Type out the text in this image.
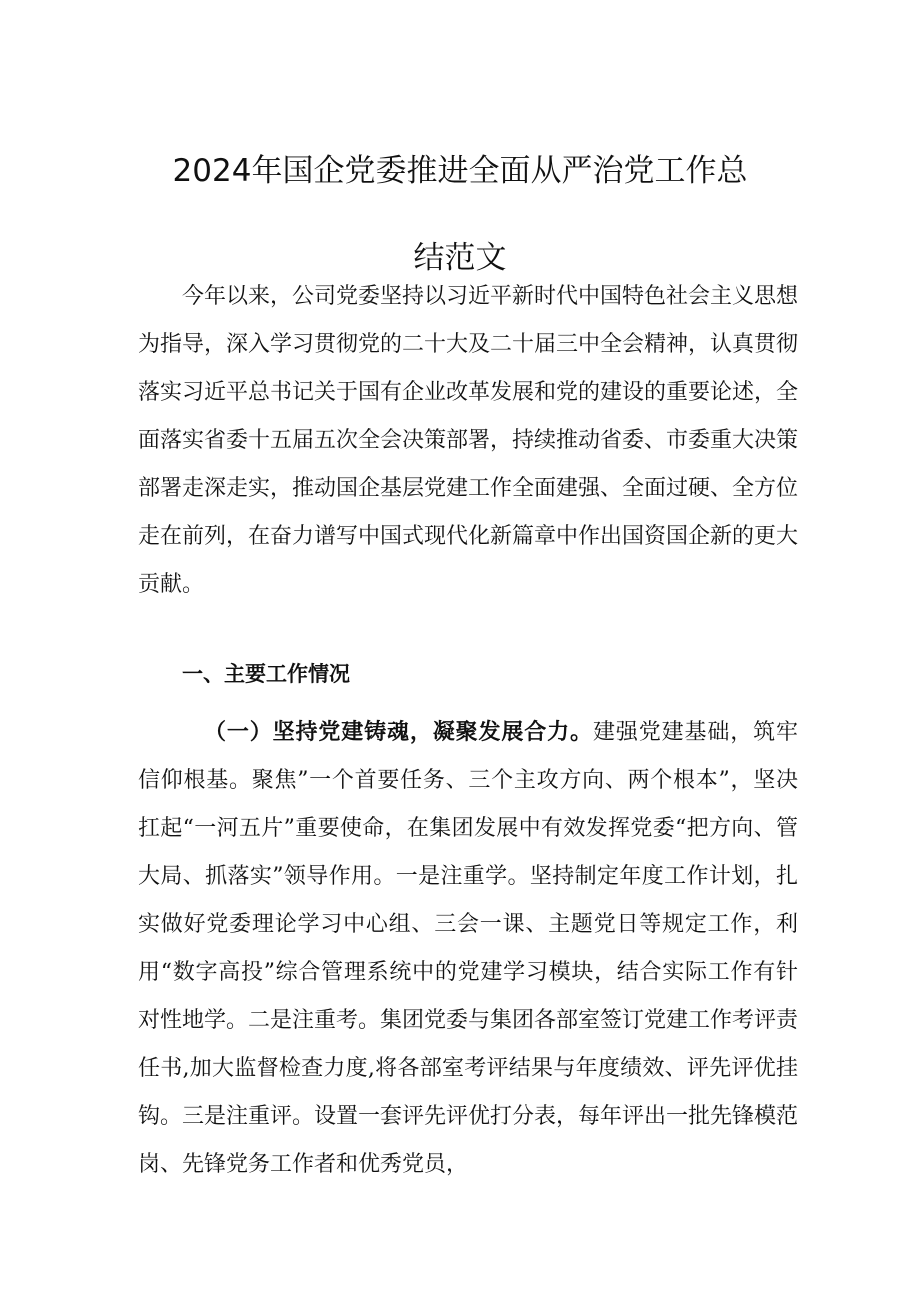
2024年国企党委推进全面从严治党工作总
结范文

今年以来，公司党委坚持以习近平新时代中国特色社会主义思想为指导，深入学习贯彻党的二十大及二十届三中全会精神，认真贯彻落实习近平总书记关于国有企业改革发展和党的建设的重要论述，全面落实省委十五届五次全会决策部署，持续推动省委、市委重大决策部署走深走实，推动国企基层党建工作全面建强、全面过硬、全方位走在前列，在奋力谱写中国式现代化新篇章中作出国资国企新的更大贡献。

一、主要工作情况

（一）坚持党建铸魂，凝聚发展合力。建强党建基础，筑牢信仰根基。聚焦”一个首要任务、三个主攻方向、两个根本”，坚决扛起“一河五片”重要使命，在集团发展中有效发挥党委“把方向、管大局、抓落实”领导作用。一是注重学。坚持制定年度工作计划，扎实做好党委理论学习中心组、三会一课、主题党日等规定工作，利用“数字高投”综合管理系统中的党建学习模块，结合实际工作有针对性地学。二是注重考。集团党委与集团各部室签订党建工作考评责任书,加大监督检查力度,将各部室考评结果与年度绩效、评先评优挂钩。三是注重评。设置一套评先评优打分表，每年评出一批先锋模范岗、先锋党务工作者和优秀党员，
